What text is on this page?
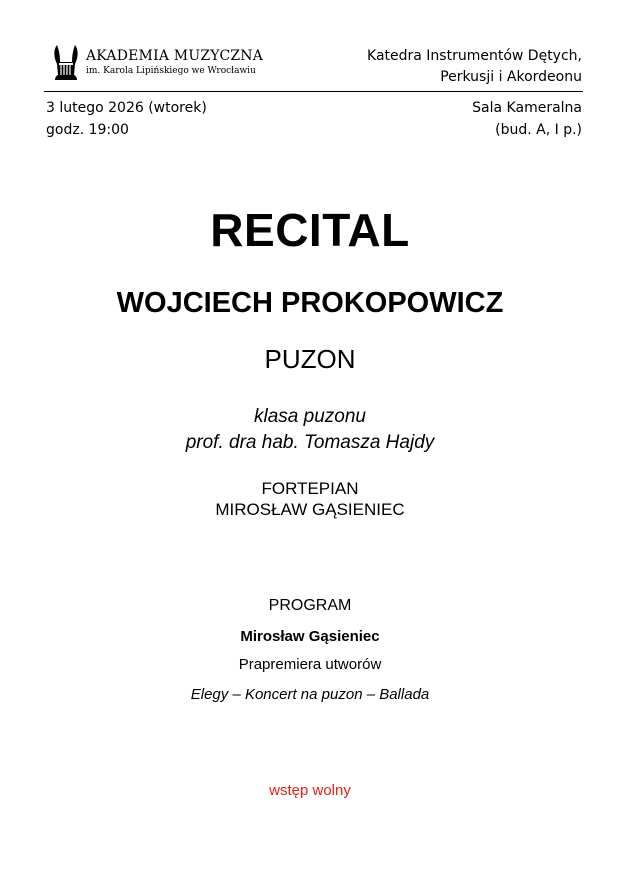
AKADEMIA MUZYCZNA
im. Karola Lipińskiego we Wrocławiu
Katedra Instrumentów Dętych,
Perkusji i Akordeonu
3 lutego 2026 (wtorek)
godz. 19:00
Sala Kameralna
(bud. A, I p.)
RECITAL
WOJCIECH PROKOPOWICZ
PUZON
klasa puzonu
prof. dra hab. Tomasza Hajdy
FORTEPIAN
MIROSŁAW GĄSIENIEC
PROGRAM
Mirosław Gąsieniec
Prapremiera utworów
Elegy – Koncert na puzon – Ballada
wstęp wolny
